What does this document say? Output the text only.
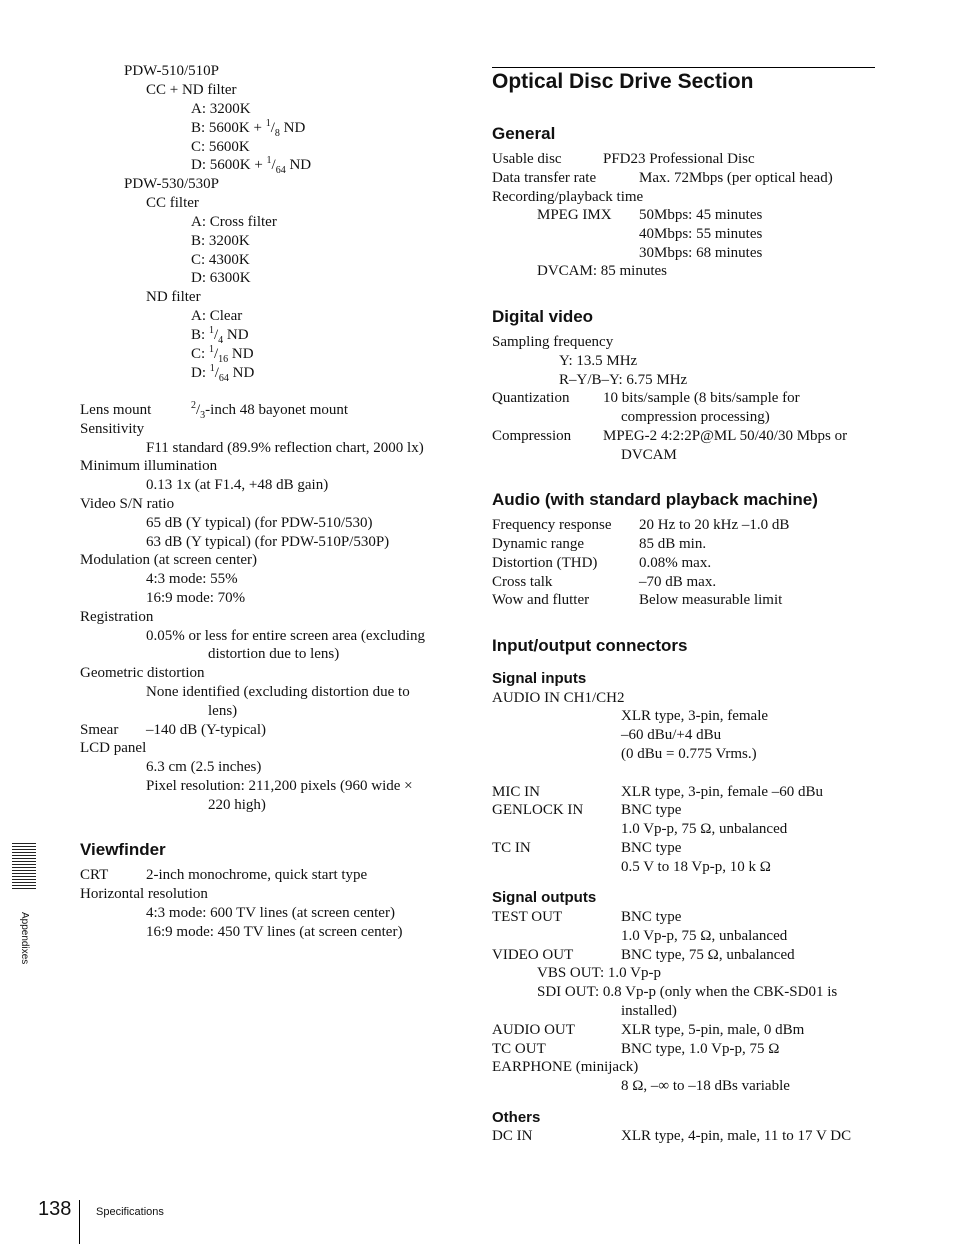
PDW-510/510P
CC + ND filter
A: 3200K
B: $5600K + ^1/_8$ ND
C: 5600K
D: $5600K + ^1/_{64}$ ND
PDW-530/530P
CC filter
A: Cross filter
B: 3200K
C: 4300K
D: 6300K
ND filter
A: Clear
B: $^1/_4$ ND
C: $^1/_{16}$ ND
D: $^1/_{64}$ ND
Lens mount	$^2/_3$-inch 48 bayonet mount
Sensitivity
F11 standard (89.9% reflection chart, 2000 lx)
Minimum illumination
0.13 1x (at F1.4, +48 dB gain)
Video S/N ratio
65 dB (Y typical) (for PDW-510/530)
63 dB (Y typical) (for PDW-510P/530P)
Modulation (at screen center)
4:3 mode: 55%
16:9 mode: 70%
Registration
0.05% or less for entire screen area (excluding
distortion due to lens)
Geometric distortion
None identified (excluding distortion due to
lens)
Smear –140 dB (Y-typical)
LCD panel
6.3 cm (2.5 inches)
Pixel resolution: 211,200 pixels (960 wide ×
220 high)
Viewfinder
CRT	2-inch monochrome, quick start type
Horizontal resolution
4:3 mode: 600 TV lines (at screen center)
16:9 mode: 450 TV lines (at screen center)
Optical Disc Drive Section
General
Usable disc	PFD23 Professional Disc
Data transfer rate	Max. 72Mbps (per optical head)
Recording/playback time
MPEG IMX 50Mbps: 45 minutes
40Mbps: 55 minutes
30Mbps: 68 minutes
DVCAM: 85 minutes
Digital video
Sampling frequency
Y: 13.5 MHz
R–Y/B–Y: 6.75 MHz
Quantization 10 bits/sample (8 bits/sample for
compression processing)
Compression MPEG-2 4:2:2P@ML 50/40/30 Mbps or
DVCAM
Audio (with standard playback machine)
Frequency response 20 Hz to 20 kHz –1.0 dB
Dynamic range	85 dB min.
Distortion (THD)	0.08% max.
Cross talk	–70 dB max.
Wow and flutter	Below measurable limit
Input/output connectors
Signal inputs
AUDIO IN CH1/CH2
XLR type, 3-pin, female
–60 dBu/+4 dBu
(0 dBu = 0.775 Vrms.)
MIC IN	XLR type, 3-pin, female –60 dBu
GENLOCK IN	BNC type
1.0 Vp-p, 75 Ω, unbalanced
TC IN	BNC type
0.5 V to 18 Vp-p, 10 k Ω
Signal outputs
TEST OUT	BNC type
1.0 Vp-p, 75 Ω, unbalanced
VIDEO OUT	BNC type, 75 Ω, unbalanced
VBS OUT: 1.0 Vp-p
SDI OUT: 0.8 Vp-p (only when the CBK-SD01 is
installed)
AUDIO OUT	XLR type, 5-pin, male, 0 dBm
TC OUT	BNC type, 1.0 Vp-p, 75 Ω
EARPHONE (minijack)
8 Ω, –∞ to –18 dBs variable
Others
DC IN	XLR type, 4-pin, male, 11 to 17 V DC
Appendixes
138 Specifications
